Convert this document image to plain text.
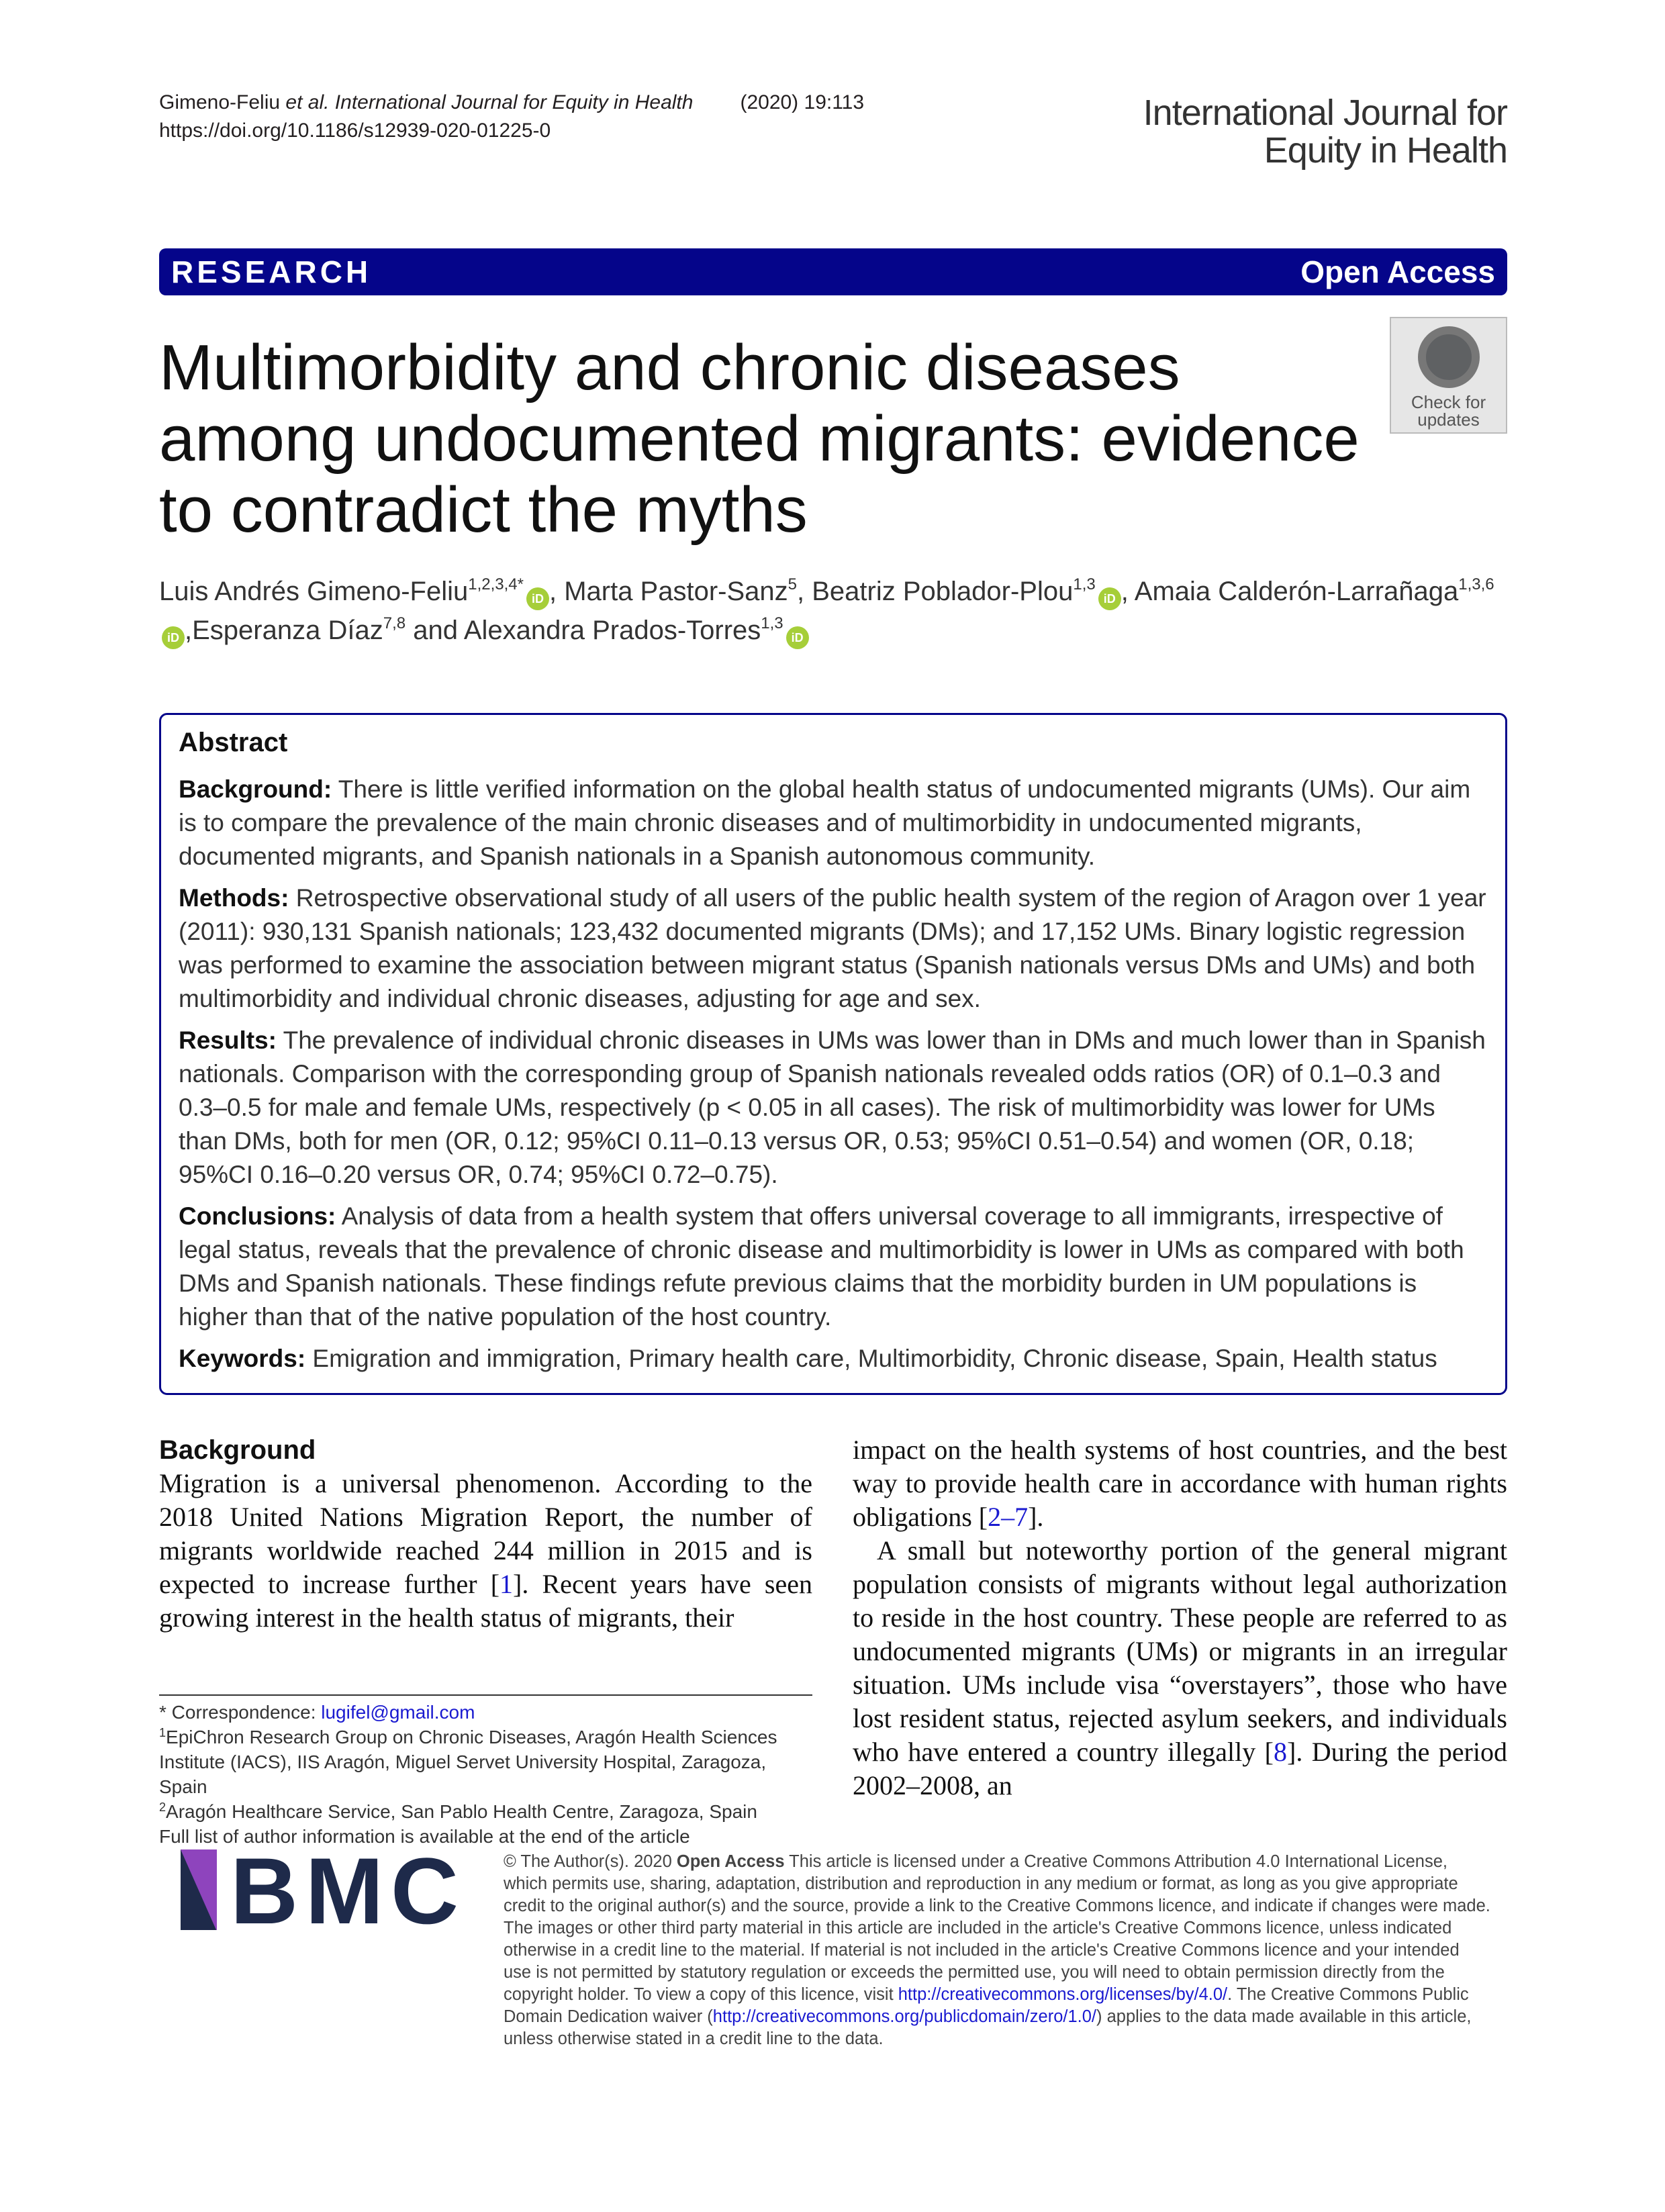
Gimeno-Feliu et al. International Journal for Equity in Health (2020) 19:113
https://doi.org/10.1186/s12939-020-01225-0	International Journal for
Equity in Health
RESEARCH	Open Access
Multimorbidity and chronic diseases among undocumented migrants: evidence to contradict the myths
Check for
updates
Luis Andrés Gimeno-Feliu$^{1,2,3,4*}$iD , Marta Pastor-Sanz$^5$, Beatriz Poblador-Plou$^{1,3}$iD , Amaia Calderón-Larrañaga$^{1,3,6}$iD ,Esperanza Díaz$^{7,8}$ and Alexandra Prados-Torres$^{1,3}$iD
Abstract

Background: There is little verified information on the global health status of undocumented migrants (UMs). Our aim is to compare the prevalence of the main chronic diseases and of multimorbidity in undocumented migrants, documented migrants, and Spanish nationals in a Spanish autonomous community.

Methods: Retrospective observational study of all users of the public health system of the region of Aragon over 1 year (2011): 930,131 Spanish nationals; 123,432 documented migrants (DMs); and 17,152 UMs. Binary logistic regression was performed to examine the association between migrant status (Spanish nationals versus DMs and UMs) and both multimorbidity and individual chronic diseases, adjusting for age and sex.

Results: The prevalence of individual chronic diseases in UMs was lower than in DMs and much lower than in Spanish nationals. Comparison with the corresponding group of Spanish nationals revealed odds ratios (OR) of 0.1–0.3 and 0.3–0.5 for male and female UMs, respectively (p < 0.05 in all cases). The risk of multimorbidity was lower for UMs than DMs, both for men (OR, 0.12; 95%CI 0.11–0.13 versus OR, 0.53; 95%CI 0.51–0.54) and women (OR, 0.18; 95%CI 0.16–0.20 versus OR, 0.74; 95%CI 0.72–0.75).

Conclusions: Analysis of data from a health system that offers universal coverage to all immigrants, irrespective of legal status, reveals that the prevalence of chronic disease and multimorbidity is lower in UMs as compared with both DMs and Spanish nationals. These findings refute previous claims that the morbidity burden in UM populations is higher than that of the native population of the host country.

Keywords: Emigration and immigration, Primary health care, Multimorbidity, Chronic disease, Spain, Health status

Background

Migration is a universal phenomenon. According to the 2018 United Nations Migration Report, the number of migrants worldwide reached 244 million in 2015 and is expected to increase further [1]. Recent years have seen growing interest in the health status of migrants, their

impact on the health systems of host countries, and the best way to provide health care in accordance with human rights obligations [2–7].

A small but noteworthy portion of the general migrant population consists of migrants without legal authorization to reside in the host country. These people are referred to as undocumented migrants (UMs) or migrants in an irregular situation. UMs include visa “overstayers”, those who have lost resident status, rejected asylum seekers, and individuals who have entered a country illegally [8]. During the period 2002–2008, an

* Correspondence: lugifel@gmail.com
$^1$EpiChron Research Group on Chronic Diseases, Aragón Health Sciences Institute (IACS), IIS Aragón, Miguel Servet University Hospital, Zaragoza, Spain
$^2$Aragón Healthcare Service, San Pablo Health Centre, Zaragoza, Spain
Full list of author information is available at the end of the article
BMC	© The Author(s). 2020 Open Access This article is licensed under a Creative Commons Attribution 4.0 International License, which permits use, sharing, adaptation, distribution and reproduction in any medium or format, as long as you give appropriate credit to the original author(s) and the source, provide a link to the Creative Commons licence, and indicate if changes were made. The images or other third party material in this article are included in the article's Creative Commons licence, unless indicated otherwise in a credit line to the material. If material is not included in the article's Creative Commons licence and your intended use is not permitted by statutory regulation or exceeds the permitted use, you will need to obtain permission directly from the copyright holder. To view a copy of this licence, visit http://creativecommons.org/licenses/by/4.0/. The Creative Commons Public Domain Dedication waiver (http://creativecommons.org/publicdomain/zero/1.0/) applies to the data made available in this article, unless otherwise stated in a credit line to the data.
